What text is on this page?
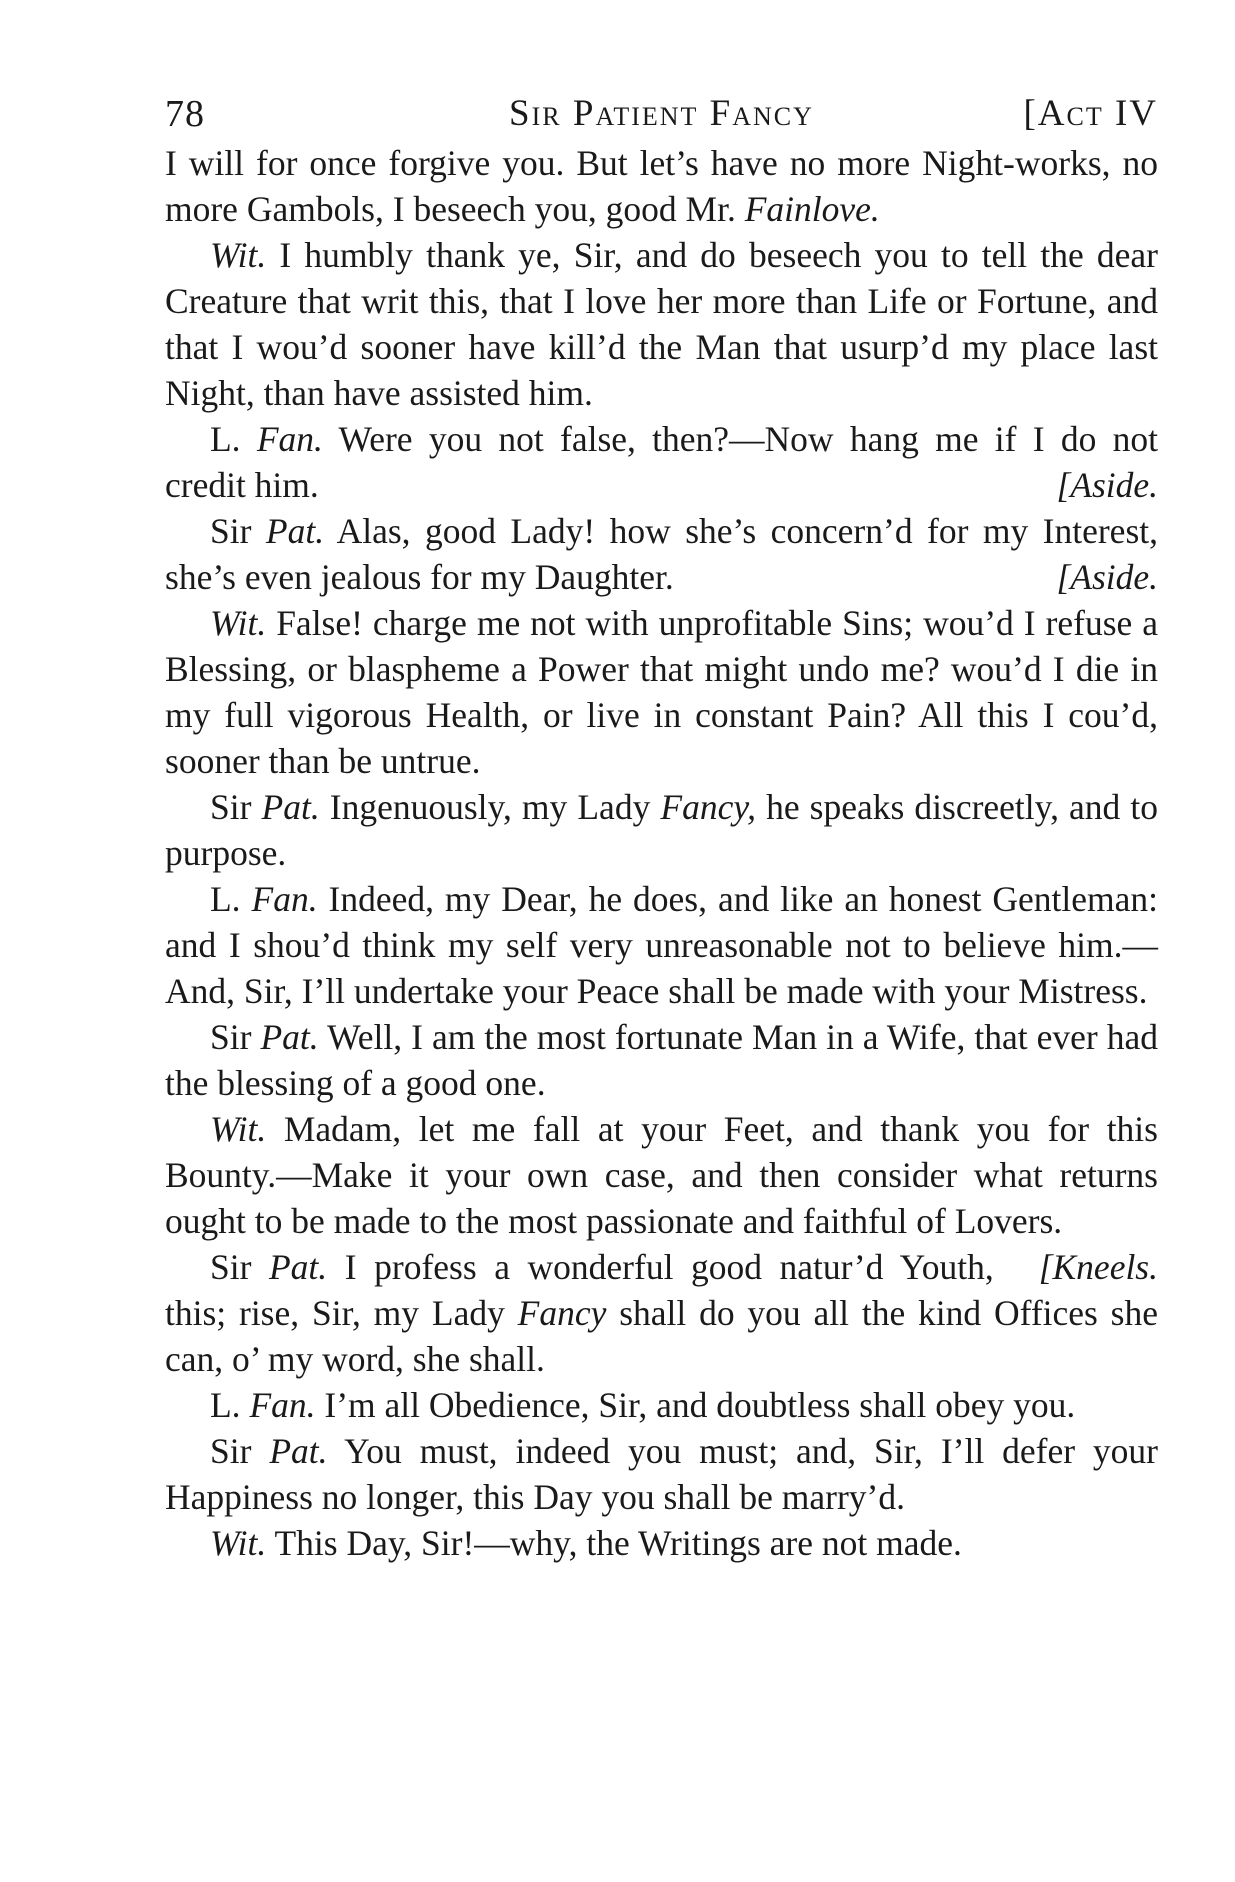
78	Sir Patient Fancy	[Act IV

I will for once forgive you. But let’s have no more Night-works, no more Gambols, I beseech you, good Mr. Fainlove.

Wit. I humbly thank ye, Sir, and do beseech you to tell the dear Creature that writ this, that I love her more than Life or Fortune, and that I wou’d sooner have kill’d the Man that usurp’d my place last Night, than have assisted him.

L. Fan. Were you not false, then?—Now hang me if I do not credit him.	[Aside.

Sir Pat. Alas, good Lady! how she’s concern’d for my Interest, she’s even jealous for my Daughter.	[Aside.

Wit. False! charge me not with unprofitable Sins; wou’d I refuse a Blessing, or blaspheme a Power that might undo me? wou’d I die in my full vigorous Health, or live in constant Pain? All this I cou’d, sooner than be untrue.

Sir Pat. Ingenuously, my Lady Fancy, he speaks discreetly, and to purpose.

L. Fan. Indeed, my Dear, he does, and like an honest Gentleman: and I shou’d think my self very unreasonable not to believe him.—And, Sir, I’ll undertake your Peace shall be made with your Mistress.

Sir Pat. Well, I am the most fortunate Man in a Wife, that ever had the blessing of a good one.

Wit. Madam, let me fall at your Feet, and thank you for this Bounty.—Make it your own case, and then consider what returns ought to be made to the most passionate and faithful of Lovers.
[Kneels.

Sir Pat. I profess a wonderful good natur’d Youth, this; rise, Sir, my Lady Fancy shall do you all the kind Offices she can, o’ my word, she shall.

L. Fan. I’m all Obedience, Sir, and doubtless shall obey you.

Sir Pat. You must, indeed you must; and, Sir, I’ll defer your Happiness no longer, this Day you shall be marry’d.

Wit. This Day, Sir!—why, the Writings are not made.
